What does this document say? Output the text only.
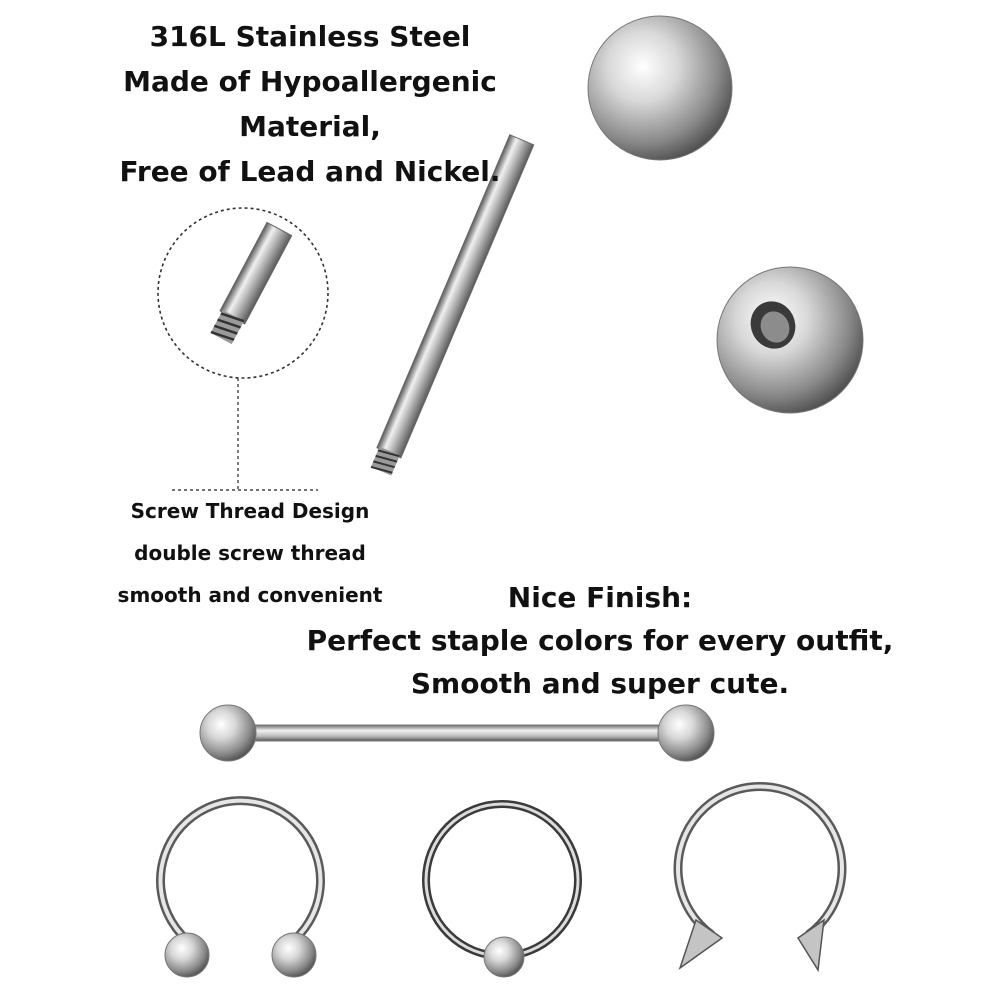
316L Stainless Steel
Made of Hypoallergenic
Material,
Free of Lead and Nickel.
Screw Thread Design
double screw thread
smooth and convenient	Nice Finish:
Perfect staple colors for every outfit,
Smooth and super cute.
